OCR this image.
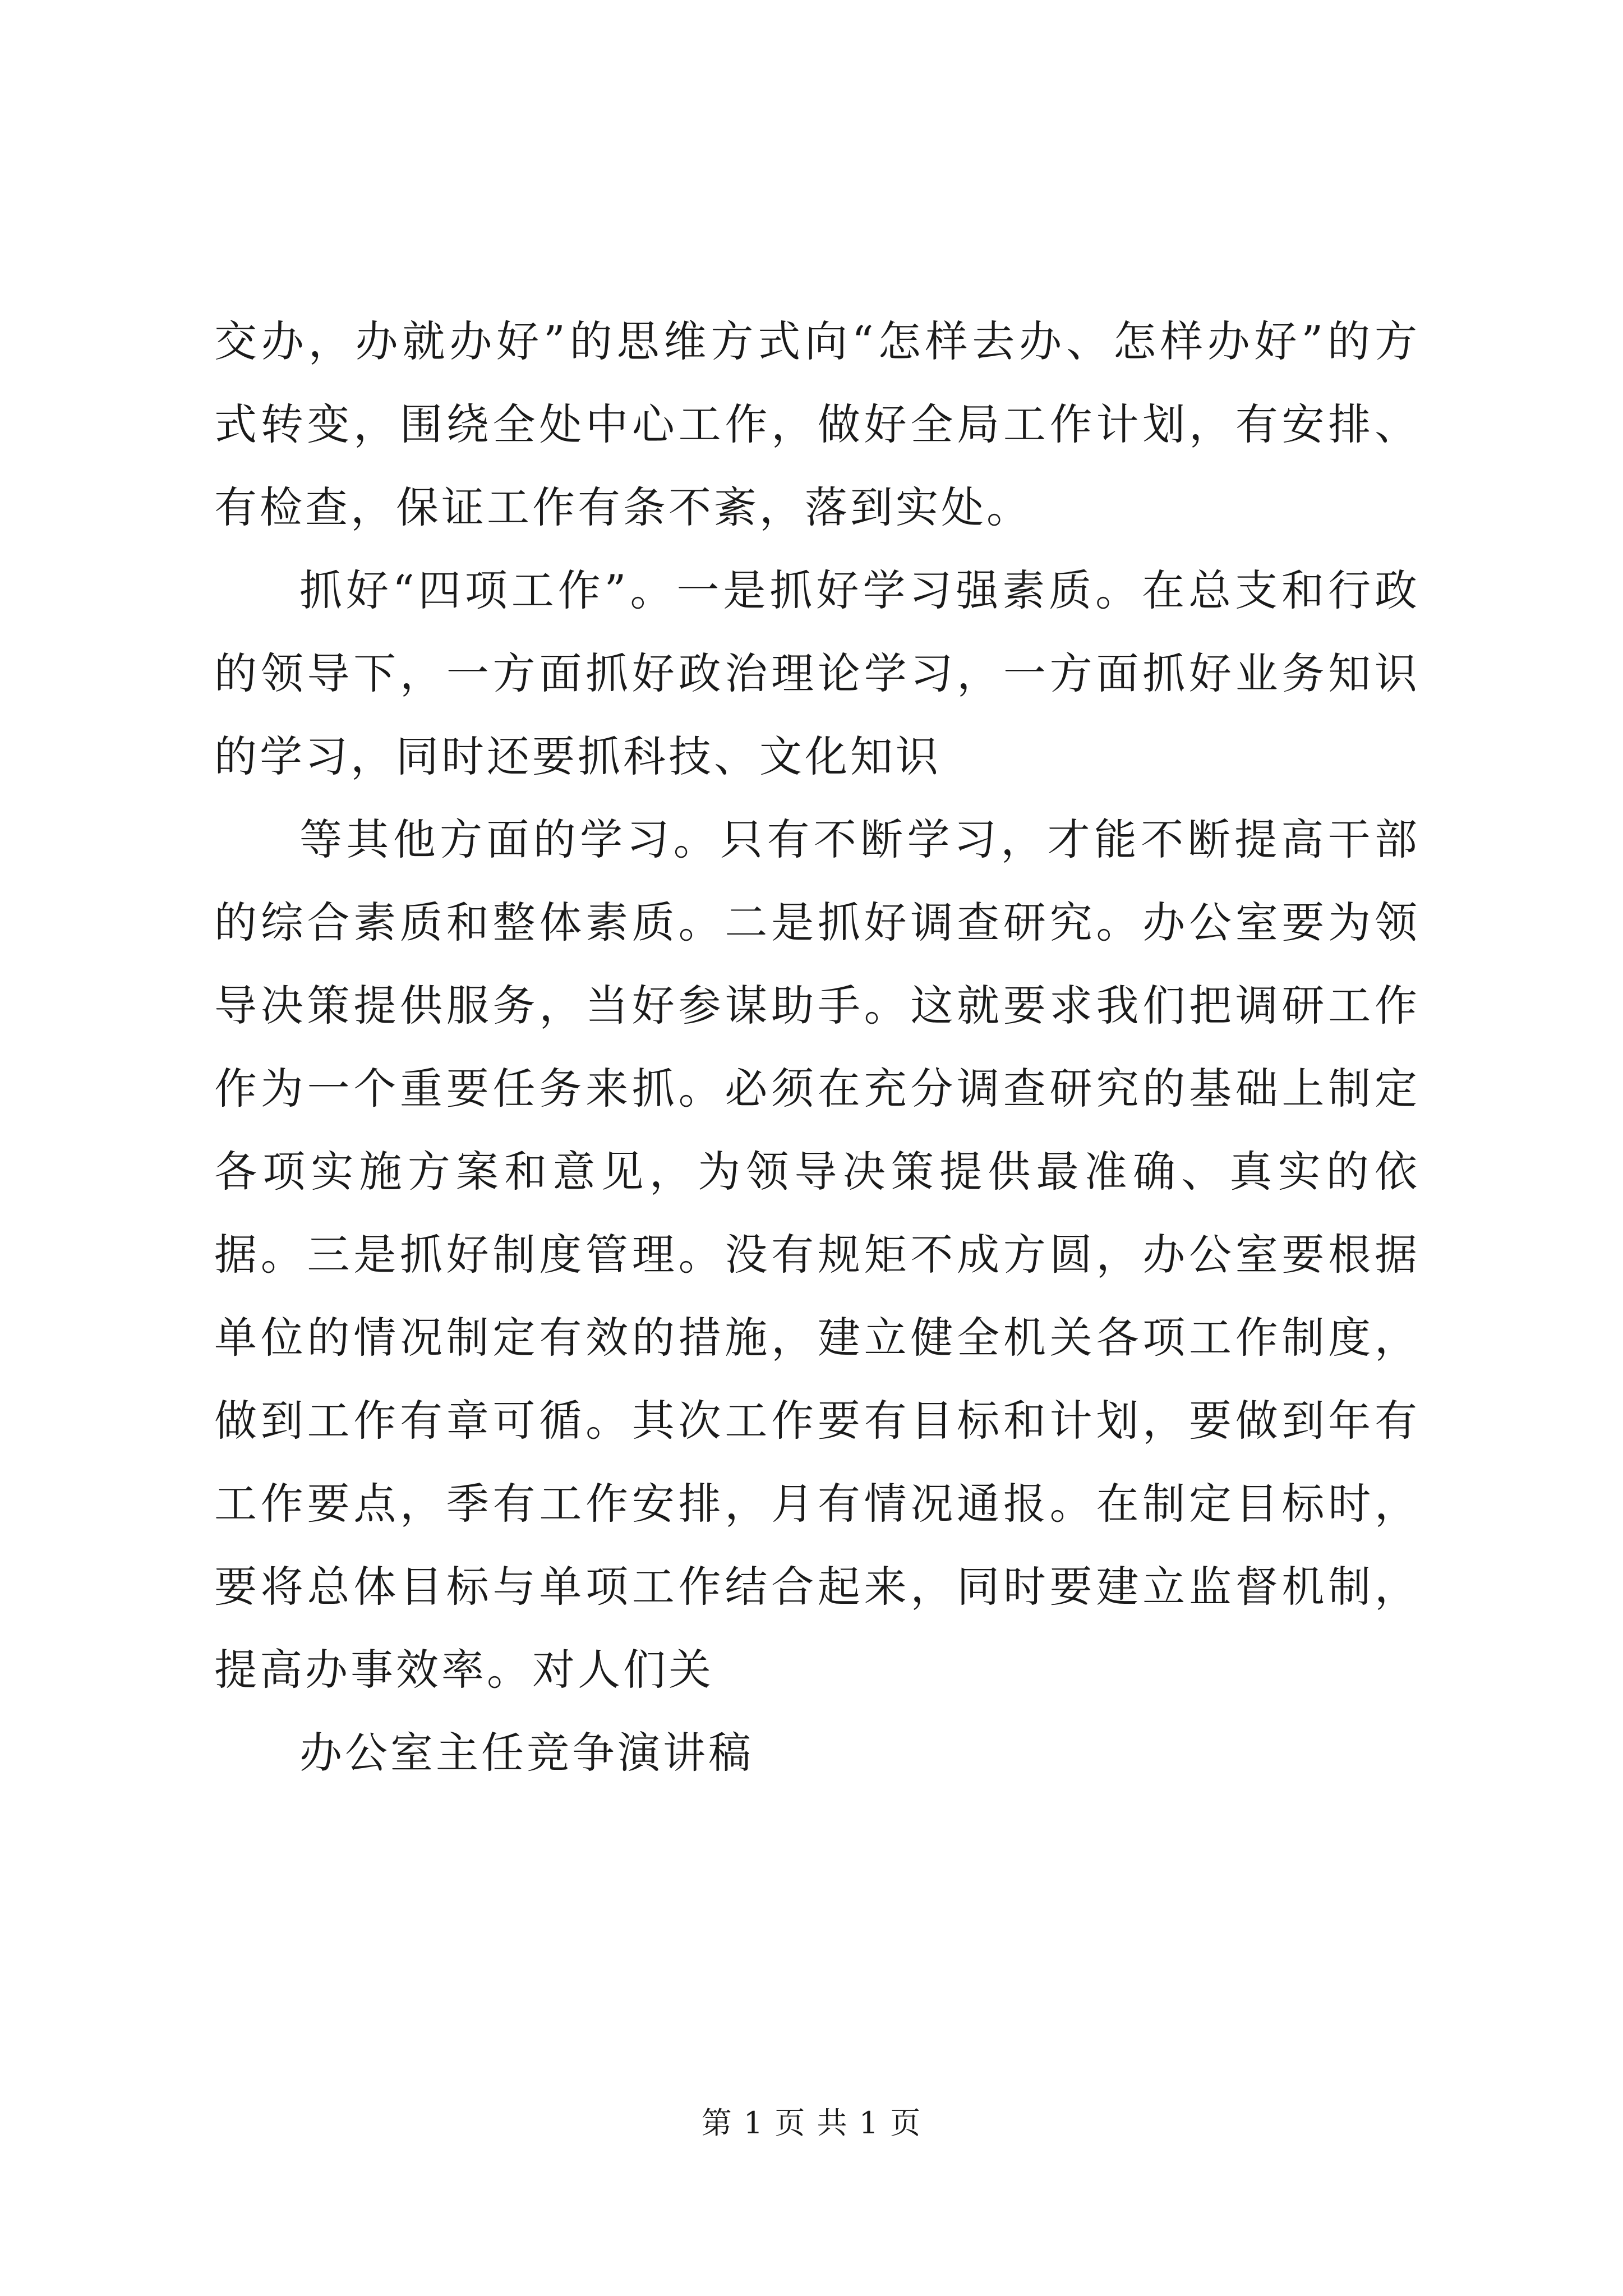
交办，办就办好”的思维方式向“怎样去办、怎样办好”的方式转变，围绕全处中心工作，做好全局工作计划，有安排、有检查，保证工作有条不紊，落到实处。

抓好“四项工作”。一是抓好学习强素质。在总支和行政的领导下，一方面抓好政治理论学习，一方面抓好业务知识的学习，同时还要抓科技、文化知识

等其他方面的学习。只有不断学习，才能不断提高干部的综合素质和整体素质。二是抓好调查研究。办公室要为领导决策提供服务，当好参谋助手。这就要求我们把调研工作作为一个重要任务来抓。必须在充分调查研究的基础上制定各项实施方案和意见，为领导决策提供最准确、真实的依据。三是抓好制度管理。没有规矩不成方圆，办公室要根据单位的情况制定有效的措施，建立健全机关各项工作制度，做到工作有章可循。其次工作要有目标和计划，要做到年有工作要点，季有工作安排，月有情况通报。在制定目标时，要将总体目标与单项工作结合起来，同时要建立监督机制，提高办事效率。对人们关

办公室主任竞争演讲稿

第 1 页 共 1 页
